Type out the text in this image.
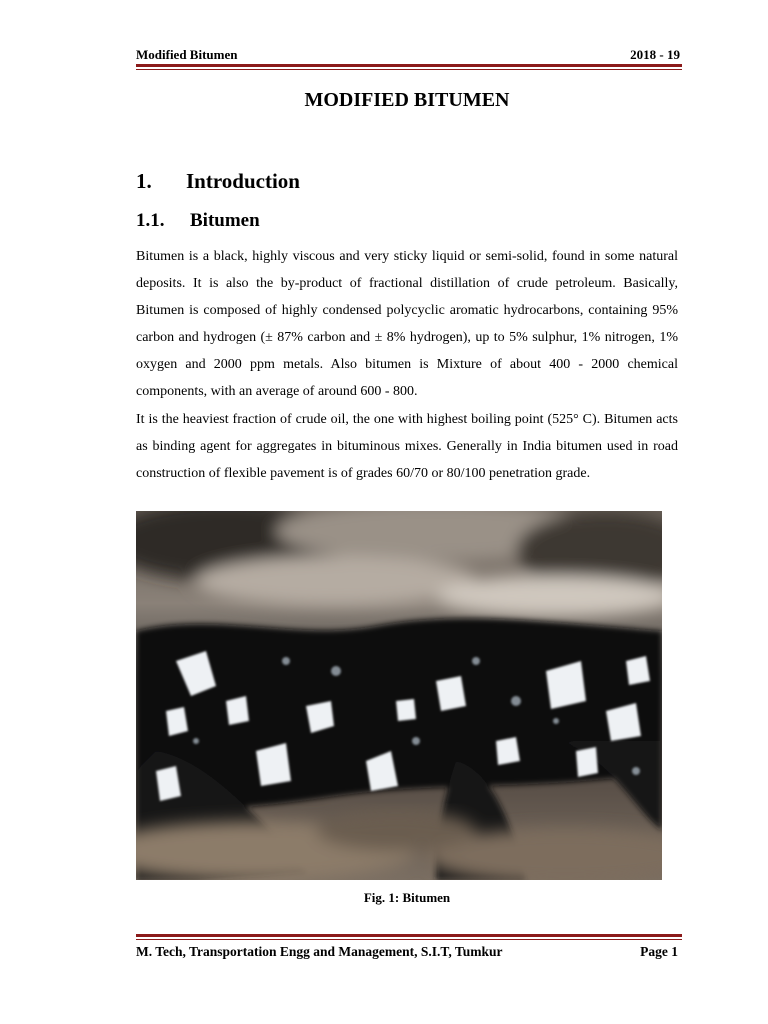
Modified Bitumen	2018 - 19
MODIFIED BITUMEN
1. Introduction
1.1. Bitumen

Bitumen is a black, highly viscous and very sticky liquid or semi-solid, found in some natural deposits. It is also the by-product of fractional distillation of crude petroleum. Basically, Bitumen is composed of highly condensed polycyclic aromatic hydrocarbons, containing 95% carbon and hydrogen (± 87% carbon and ± 8% hydrogen), up to 5% sulphur, 1% nitrogen, 1% oxygen and 2000 ppm metals. Also bitumen is Mixture of about 400 - 2000 chemical components, with an average of around 600 - 800.

It is the heaviest fraction of crude oil, the one with highest boiling point (525° C). Bitumen acts as binding agent for aggregates in bituminous mixes. Generally in India bitumen used in road construction of flexible pavement is of grades 60/70 or 80/100 penetration grade.

Fig. 1: Bitumen
M. Tech, Transportation Engg and Management, S.I.T, Tumkur	Page 1
